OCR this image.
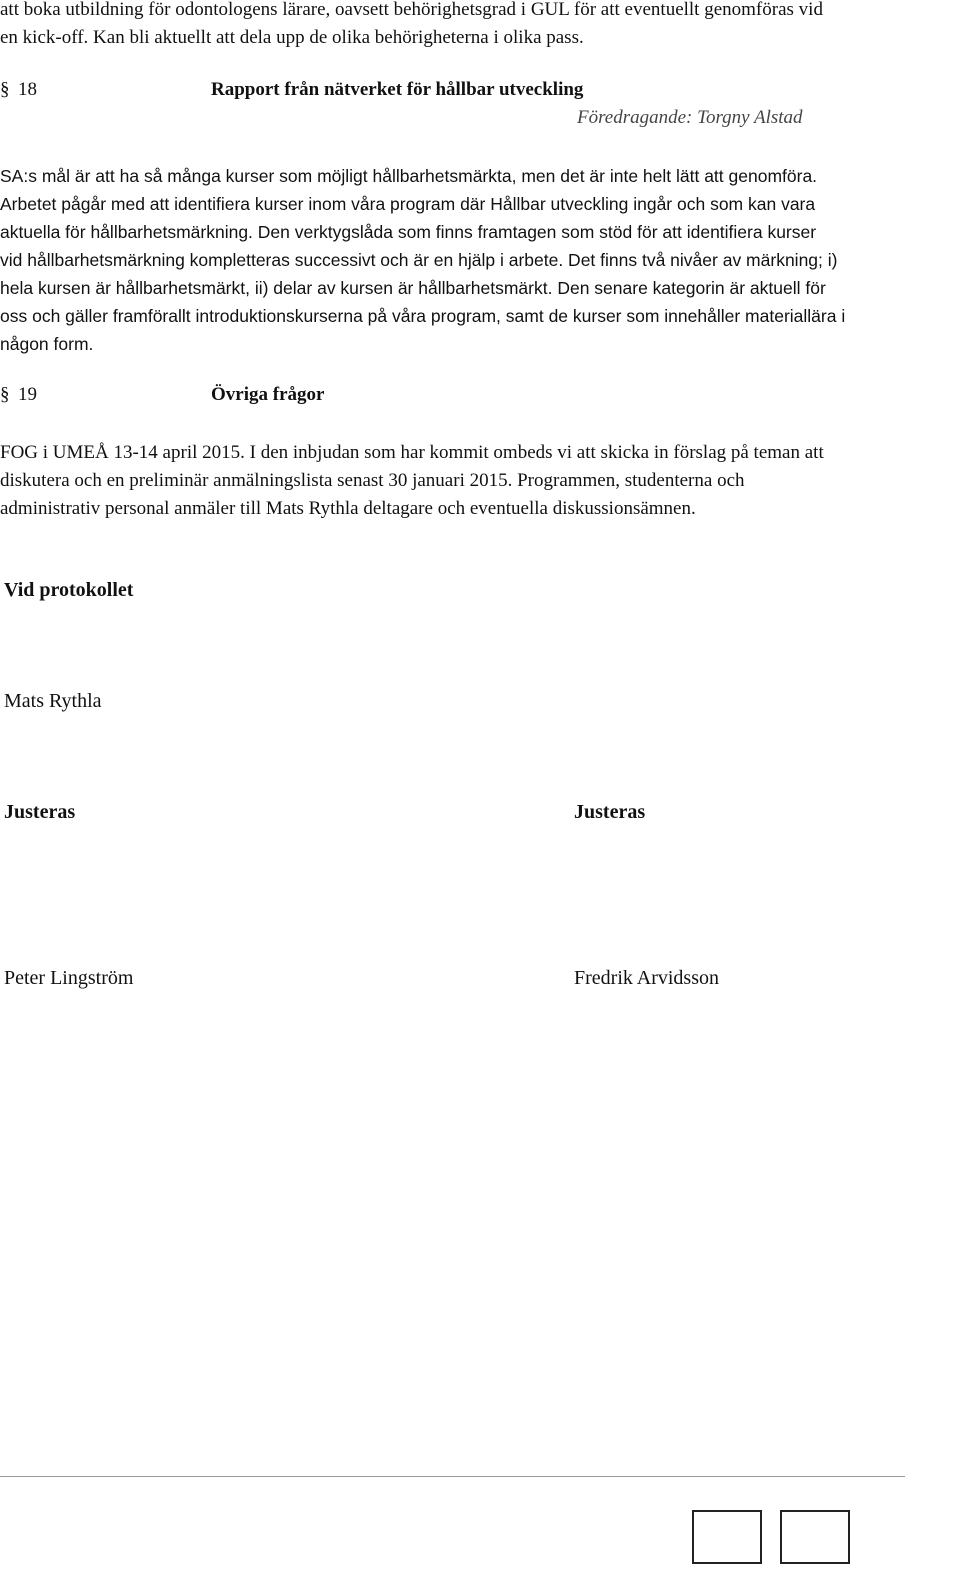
att boka utbildning för odontologens lärare, oavsett behörighetsgrad i GUL för att eventuellt genomföras vid
en kick-off. Kan bli aktuellt att dela upp de olika behörigheterna i olika pass.
§ 18	Rapport från nätverket för hållbar utveckling
Föredragande: Torgny Alstad
SA:s mål är att ha så många kurser som möjligt hållbarhetsmärkta, men det är inte helt lätt att genomföra.
Arbetet pågår med att identifiera kurser inom våra program där Hållbar utveckling ingår och som kan vara
aktuella för hållbarhetsmärkning. Den verktygslåda som finns framtagen som stöd för att identifiera kurser
vid hållbarhetsmärkning kompletteras successivt och är en hjälp i arbete. Det finns två nivåer av märkning; i)
hela kursen är hållbarhetsmärkt, ii) delar av kursen är hållbarhetsmärkt. Den senare kategorin är aktuell för
oss och gäller framförallt introduktionskurserna på våra program, samt de kurser som innehåller materiallära i
någon form.
§ 19	Övriga frågor
FOG i UMEÅ 13-14 april 2015. I den inbjudan som har kommit ombeds vi att skicka in förslag på teman att
diskutera och en preliminär anmälningslista senast 30 januari 2015. Programmen, studenterna och
administrativ personal anmäler till Mats Rythla deltagare och eventuella diskussionsämnen.
Vid protokollet
Mats Rythla
Justeras	Justeras
Peter Lingström	Fredrik Arvidsson
